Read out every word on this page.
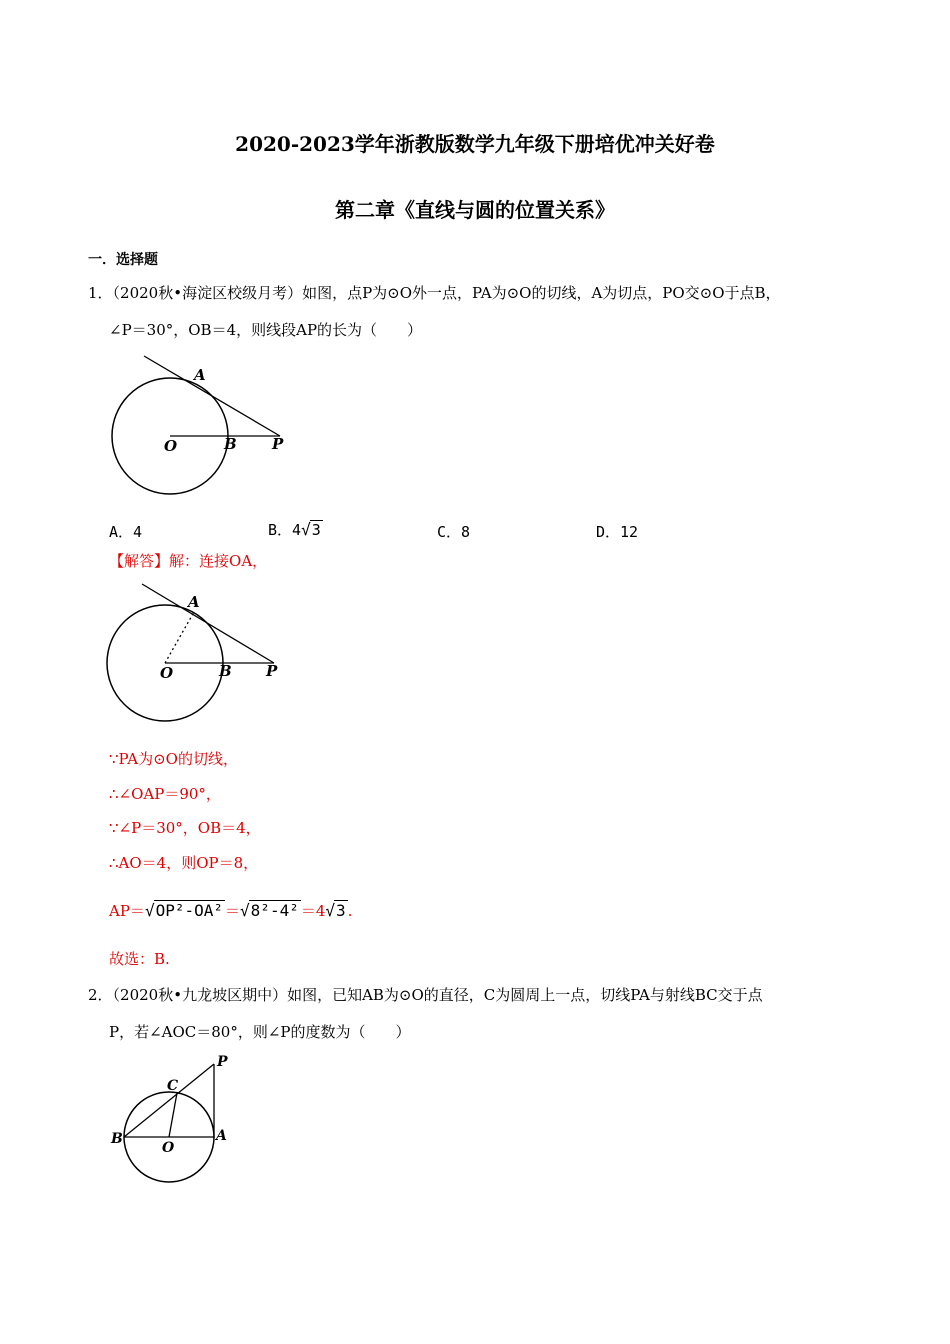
2020-2023学年浙教版数学九年级下册培优冲关好卷
第二章《直线与圆的位置关系》
一．选择题
1．（2020秋•海淀区校级月考）如图，点P为⊙O外一点，PA为⊙O的切线，A为切点，PO交⊙O于点B，
∠P＝30°，OB＝4，则线段AP的长为（　　）
A
O	B P
A．4	B．4√3	C．8	D．12
【解答】解：连接OA，
A
O	B P
∵PA为⊙O的切线，
∴∠OAP＝90°，
∵∠P＝30°，OB＝4，
∴AO＝4，则OP＝8，
AP＝√OP²-OA² ＝√8²-4² ＝4√3 .
故选：B.
2．（2020秋•九龙坡区期中）如图，已知AB为⊙O的直径，C为圆周上一点，切线PA与射线BC交于点
P，若∠AOC＝80°，则∠P的度数为（　　）
P
C
B
O
A
